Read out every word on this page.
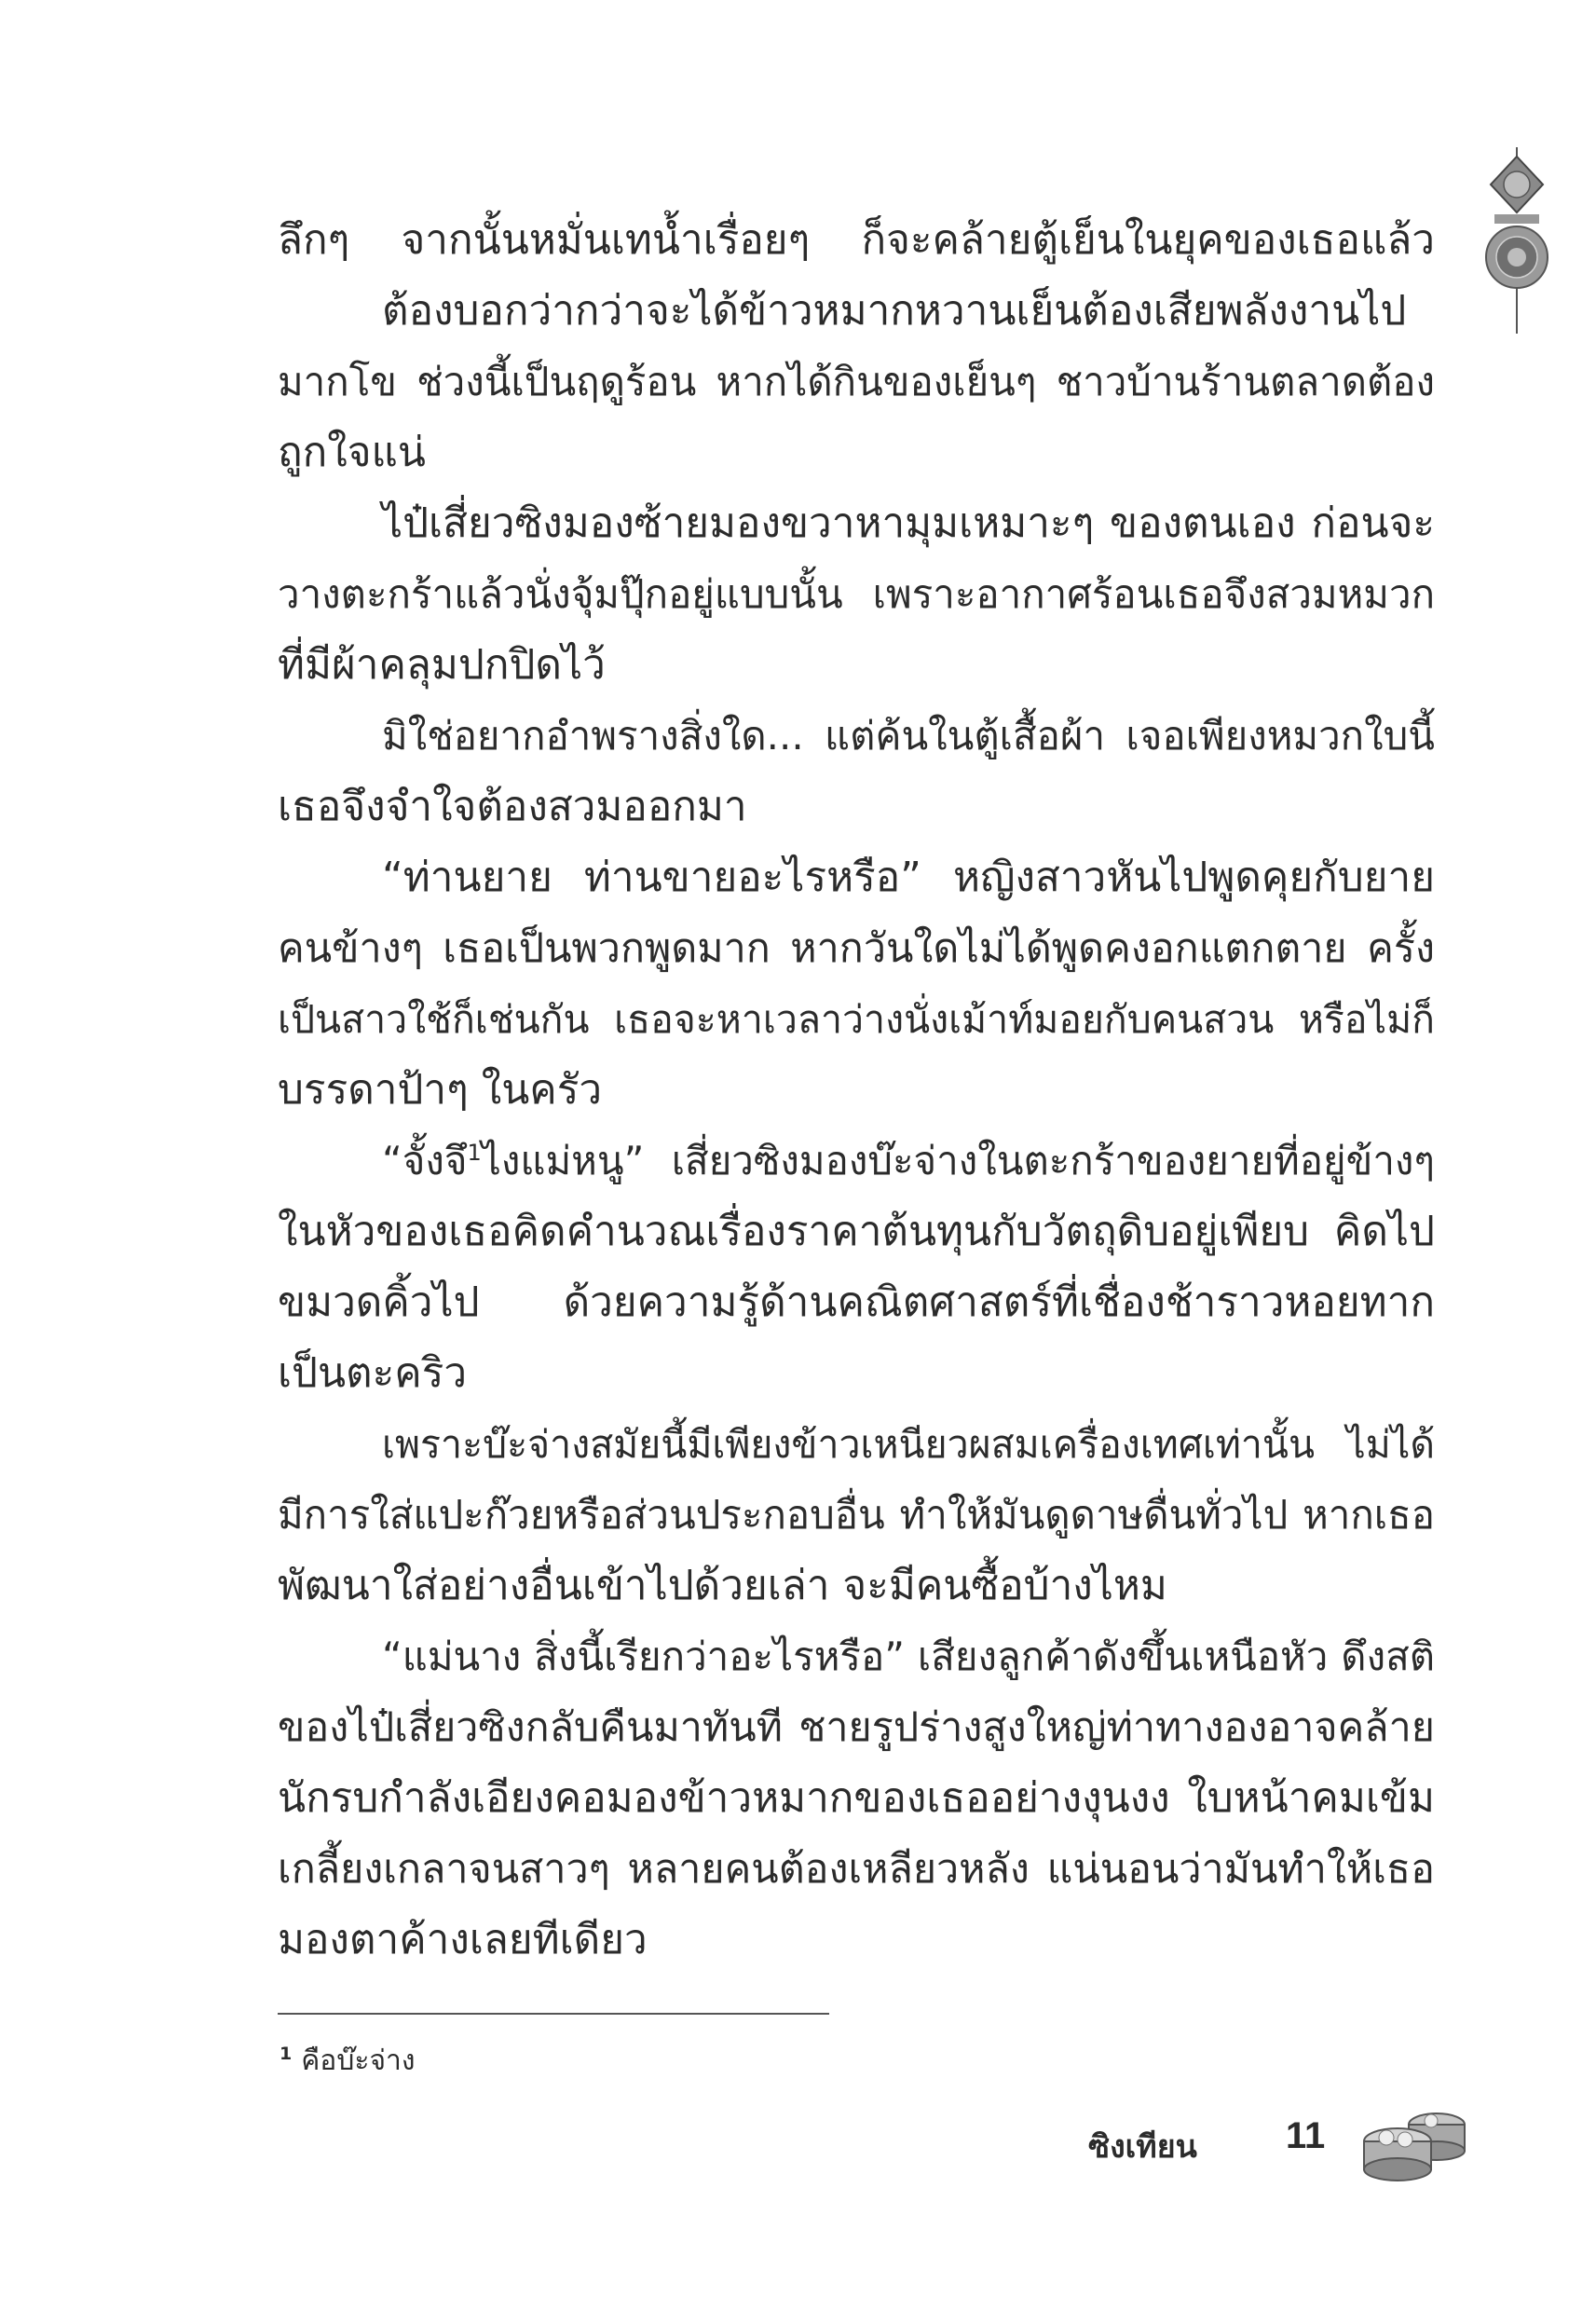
ลึกๆ จากนั้นหมั่นเทน้ำเรื่อยๆ ก็จะคล้ายตู้เย็นในยุคของเธอแล้ว

ต้องบอกว่ากว่าจะได้ข้าวหมากหวานเย็นต้องเสียพลังงานไป

มากโข ช่วงนี้เป็นฤดูร้อน หากได้กินของเย็นๆ ชาวบ้านร้านตลาดต้อง

ถูกใจแน่

ไป๋เสี่ยวซิงมองซ้ายมองขวาหามุมเหมาะๆ ของตนเอง ก่อนจะ

วางตะกร้าแล้วนั่งจุ้มปุ๊กอยู่แบบนั้น เพราะอากาศร้อนเธอจึงสวมหมวก

ที่มีผ้าคลุมปกปิดไว้

มิใช่อยากอำพรางสิ่งใด... แต่ค้นในตู้เสื้อผ้า เจอเพียงหมวกใบนี้

เธอจึงจำใจต้องสวมออกมา

“ท่านยาย ท่านขายอะไรหรือ” หญิงสาวหันไปพูดคุยกับยาย

คนข้างๆ เธอเป็นพวกพูดมาก หากวันใดไม่ได้พูดคงอกแตกตาย ครั้ง

เป็นสาวใช้ก็เช่นกัน เธอจะหาเวลาว่างนั่งเม้าท์มอยกับคนสวน หรือไม่ก็

บรรดาป้าๆ ในครัว

“จั้งจึ$^1$ไงแม่หนู” เสี่ยวซิงมองบ๊ะจ่างในตะกร้าของยายที่อยู่ข้างๆ

ในหัวของเธอคิดคำนวณเรื่องราคาต้นทุนกับวัตถุดิบอยู่เพียบ คิดไป

ขมวดคิ้วไป ด้วยความรู้ด้านคณิตศาสตร์ที่เชื่องช้าราวหอยทาก

เป็นตะคริว

เพราะบ๊ะจ่างสมัยนี้มีเพียงข้าวเหนียวผสมเครื่องเทศเท่านั้น ไม่ได้

มีการใส่แปะก๊วยหรือส่วนประกอบอื่น ทำให้มันดูดาษดื่นทั่วไป หากเธอ

พัฒนาใส่อย่างอื่นเข้าไปด้วยเล่า จะมีคนซื้อบ้างไหม

“แม่นาง สิ่งนี้เรียกว่าอะไรหรือ” เสียงลูกค้าดังขึ้นเหนือหัว ดึงสติ

ของไป๋เสี่ยวซิงกลับคืนมาทันที ชายรูปร่างสูงใหญ่ท่าทางองอาจคล้าย

นักรบกำลังเอียงคอมองข้าวหมากของเธออย่างงุนงง ใบหน้าคมเข้ม

เกลี้ยงเกลาจนสาวๆ หลายคนต้องเหลียวหลัง แน่นอนว่ามันทำให้เธอ

มองตาค้างเลยทีเดียว

$^1$ คือบ๊ะจ่าง
ซิงเทียน 11
